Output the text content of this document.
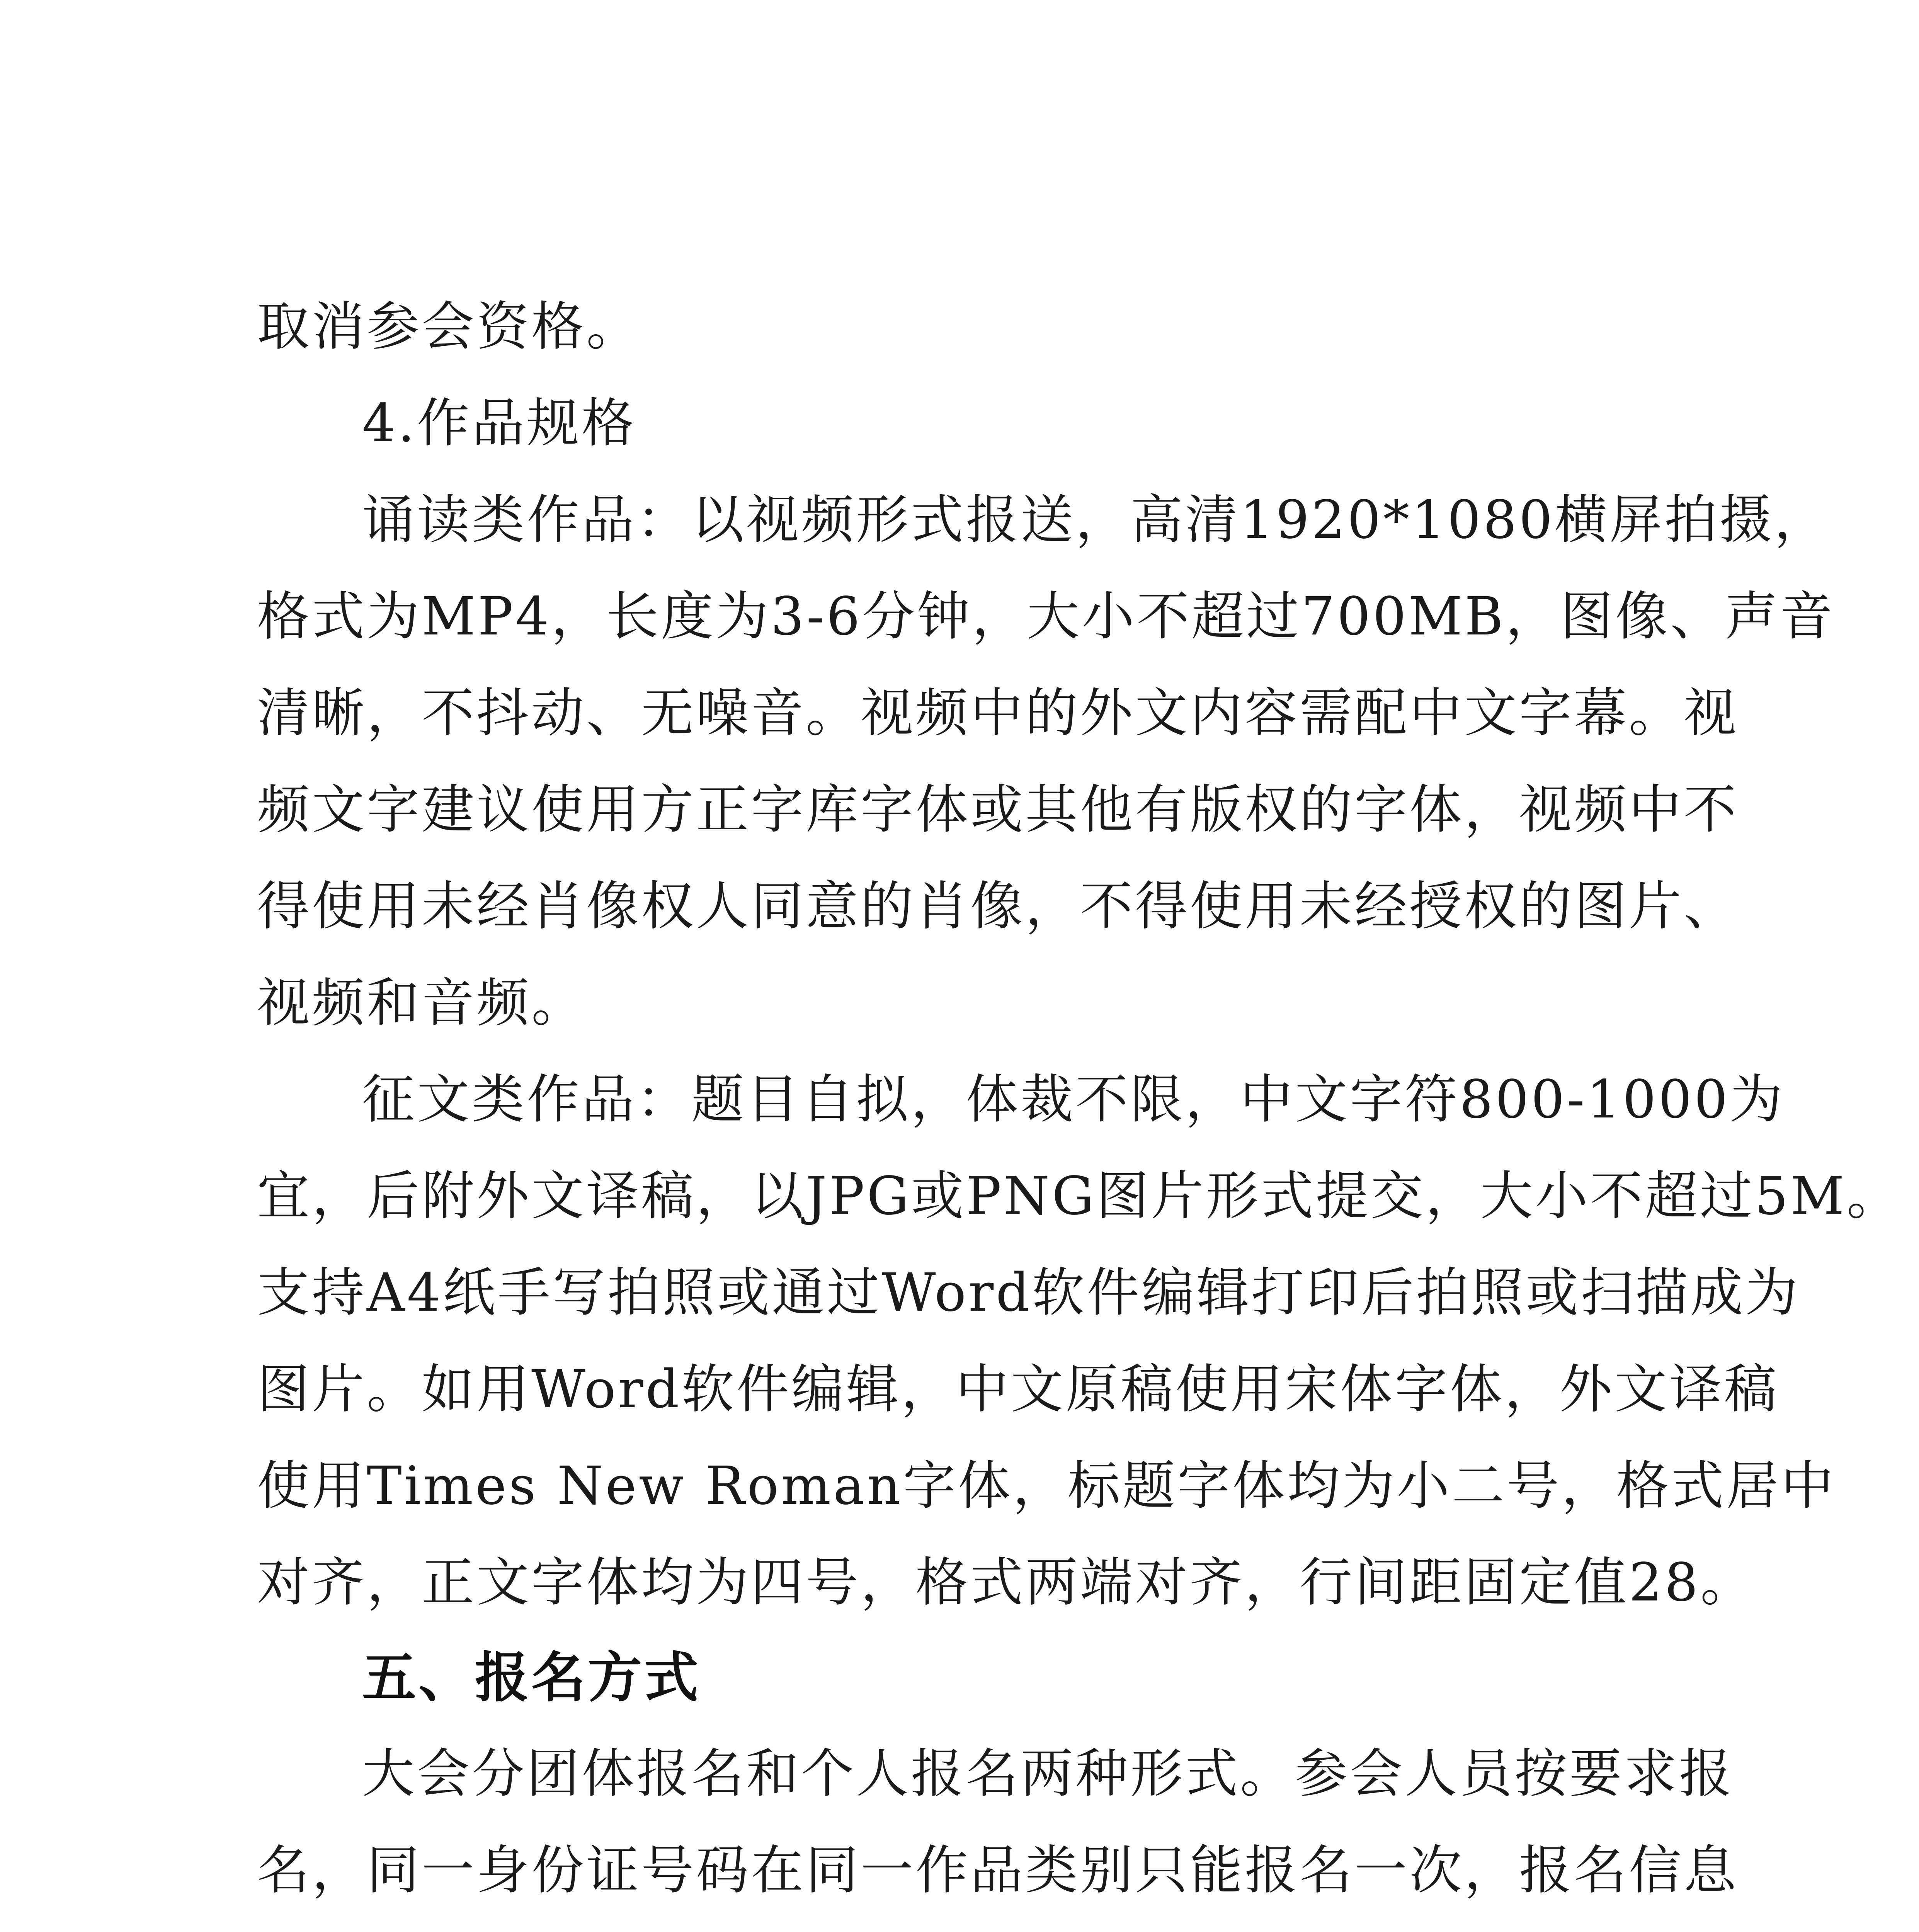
取消参会资格。
4.作品规格
诵读类作品：以视频形式报送，高清1920*1080横屏拍摄，
格式为MP4，长度为3-6分钟，大小不超过700MB，图像、声音
清晰，不抖动、无噪音。视频中的外文内容需配中文字幕。视
频文字建议使用方正字库字体或其他有版权的字体，视频中不
得使用未经肖像权人同意的肖像，不得使用未经授权的图片、
视频和音频。
征文类作品：题目自拟，体裁不限，中文字符800-1000为
宜，后附外文译稿，以JPG或PNG图片形式提交，大小不超过5M。
支持A4纸手写拍照或通过Word软件编辑打印后拍照或扫描成为
图片。如用Word软件编辑，中文原稿使用宋体字体，外文译稿
使用Times New Roman字体，标题字体均为小二号，格式居中
对齐，正文字体均为四号，格式两端对齐，行间距固定值28。
五、报名方式
大会分团体报名和个人报名两种形式。参会人员按要求报
名，同一身份证号码在同一作品类别只能报名一次，报名信息
